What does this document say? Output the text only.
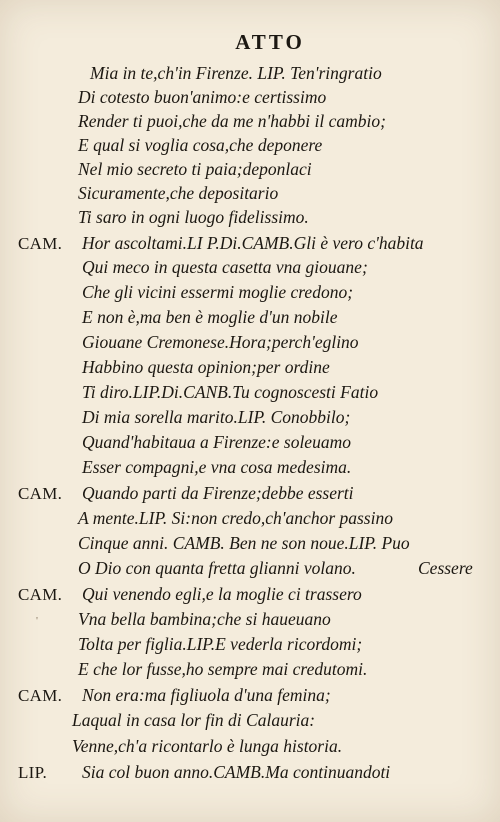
ATTO
Mia in te,ch'in Firenze. LIP. Ten'ringratio
Di cotesto buon'animo:e certissimo
Render ti puoi,che da me n'habbi il cambio;
E qual si voglia cosa,che deponere
Nel mio secreto ti paia;deponlaci
Sicuramente,che depositario
Ti saro in ogni luogo fidelissimo.
CAM. Hor ascoltami.LI P.Di.CAMB.Gli è vero c'habita
Qui meco in questa casetta vna giouane;
Che gli vicini essermi moglie credono;
E non è,ma ben è moglie d'un nobile
Giouane Cremonese.Hora;perch'eglino
Habbino questa opinion;per ordine
Ti diro.LIP.Di.CANB.Tu cognoscesti Fatio
Di mia sorella marito.LIP. Conobbilo;
Quand'habitaua a Firenze:e soleuamo
Esser compagni,e vna cosa medesima.
CAM. Quando parti da Firenze;debbe esserti
A mente.LIP. Si:non credo,ch'anchor passino
Cinque anni. CAMB. Ben ne son noue.LIP. Puo
O Dio con quanta fretta glianni volano.	Cessere
CAM. Qui venendo egli,e la moglie ci trassero
' Vna bella bambina;che si haueuano
Tolta per figlia.LIP.E vederla ricordomi;
E che lor fusse,ho sempre mai credutomi.
CAM. Non era:ma figliuola d'una femina;
Laqual in casa lor fin di Calauria:
Venne,ch'a ricontarlo è lunga historia.
LIP. Sia col buon anno.CAMB.Ma continuandoti
